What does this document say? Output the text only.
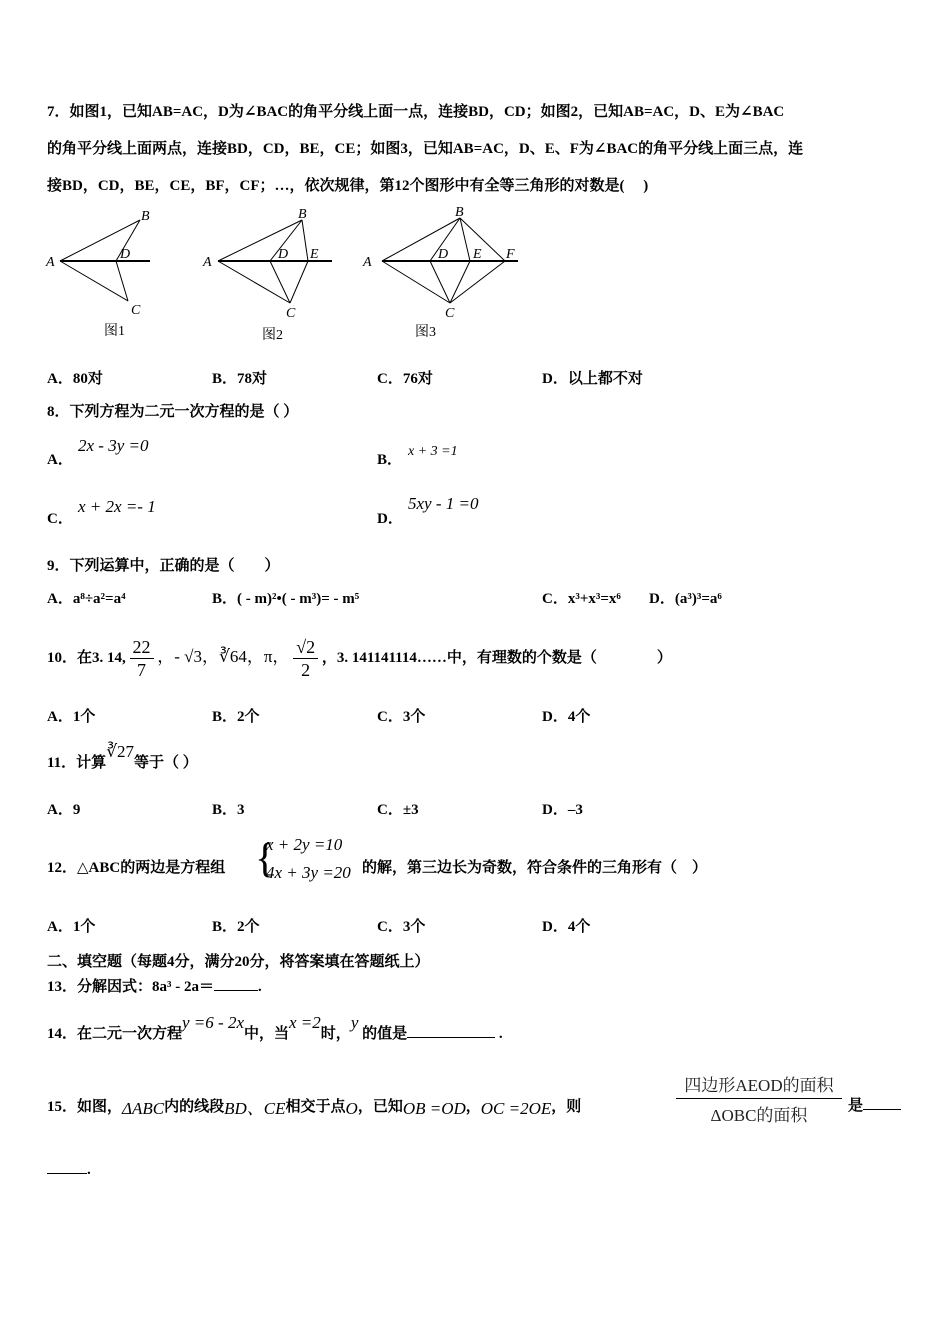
7．如图1，已知AB=AC，D为∠BAC的角平分线上面一点，连接BD，CD；如图2，已知AB=AC，D、E为∠BAC
的角平分线上面两点，连接BD，CD，BE，CE；如图3，已知AB=AC，D、E、F为∠BAC的角平分线上面三点，连
接BD，CD，BE，CE，BF，CF；…，依次规律，第12个图形中有全等三角形的对数是(　 )
A
B
D
C
A
B
D E
C
A
B
D E F
C
图1	图2	图3
A．80对	B．78对	C．76对	D．以上都不对
8．下列方程为二元一次方程的是（ ）
A．
2x - 3y =0
B．
x + 3 =1
C．
x + 2x =- 1
D．
5xy - 1 =0
9．下列运算中，正确的是（　　）
A．a⁸÷a²=a⁴	B．( - m)²•( - m³)= - m⁵	C．x³+x³=x⁶ D．(a³)³=a⁶
10．在3. 14, $\frac{22}{7}$ ，- √3，∛64，π， $\frac{√2}{2}$ ，3. 141141114……中，有理数的个数是（　　　　）
A．1个	B．2个	C．3个	D．4个
11．计算∛27等于（ ）
A．9	B．3	C．±3	D．–3
12．△ABC的两边是方程组 {
x + 2y =10
4x + 3y =20 的解，第三边长为奇数，符合条件的三角形有（　）
A．1个	B．2个	C．3个	D．4个
二、填空题（每题4分，满分20分，将答案填在答题纸上）
13．分解因式：8a³ - 2a＝	.
14．在二元一次方程y =6 - 2x中，当x =2时，y 的值是	.
15．如图，ΔABC内的线段BD、CE相交于点O，已知OB =OD，OC =2OE，则
四边形AEOD的面积
ΔOBC的面积	是
.
